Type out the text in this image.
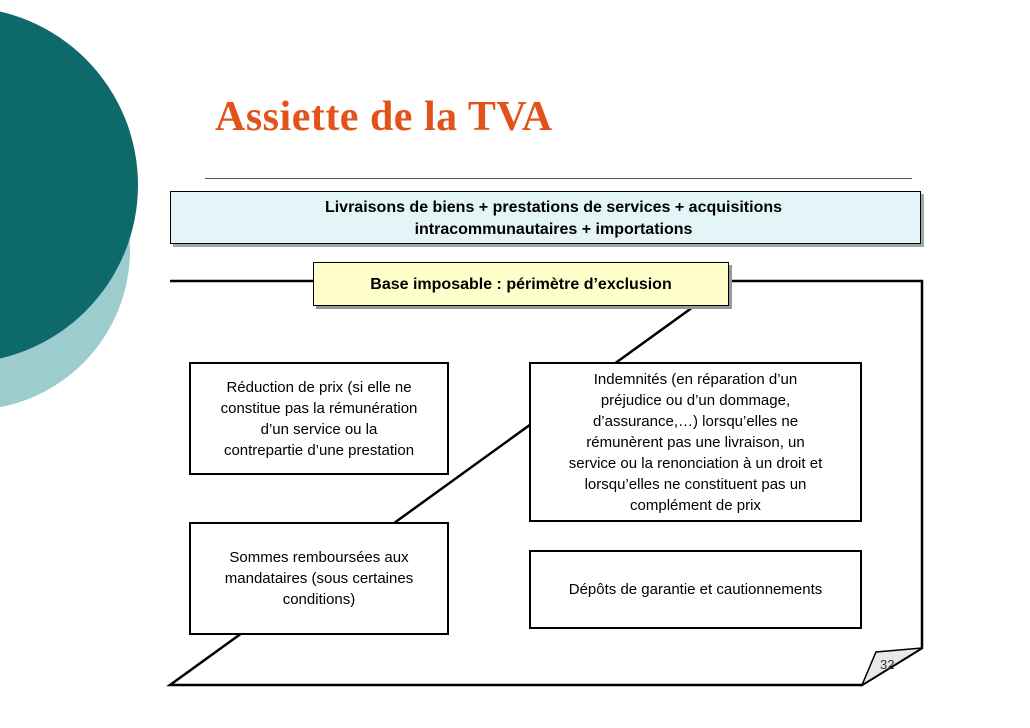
Assiette de la TVA
Livraisons de biens + prestations de services + acquisitions
intracommunautaires + importations
Base imposable : périmètre d’exclusion
Réduction de prix (si elle ne
constitue pas la rémunération
d’un service ou la
contrepartie d’une prestation
Indemnités (en réparation d’un
préjudice ou d’un dommage,
d’assurance,…) lorsqu’elles ne
rémunèrent pas une livraison, un
service ou la renonciation à un droit et
lorsqu’elles ne constituent pas un
complément de prix
Sommes remboursées aux
mandataires (sous certaines
conditions)
Dépôts de garantie et cautionnements
32
